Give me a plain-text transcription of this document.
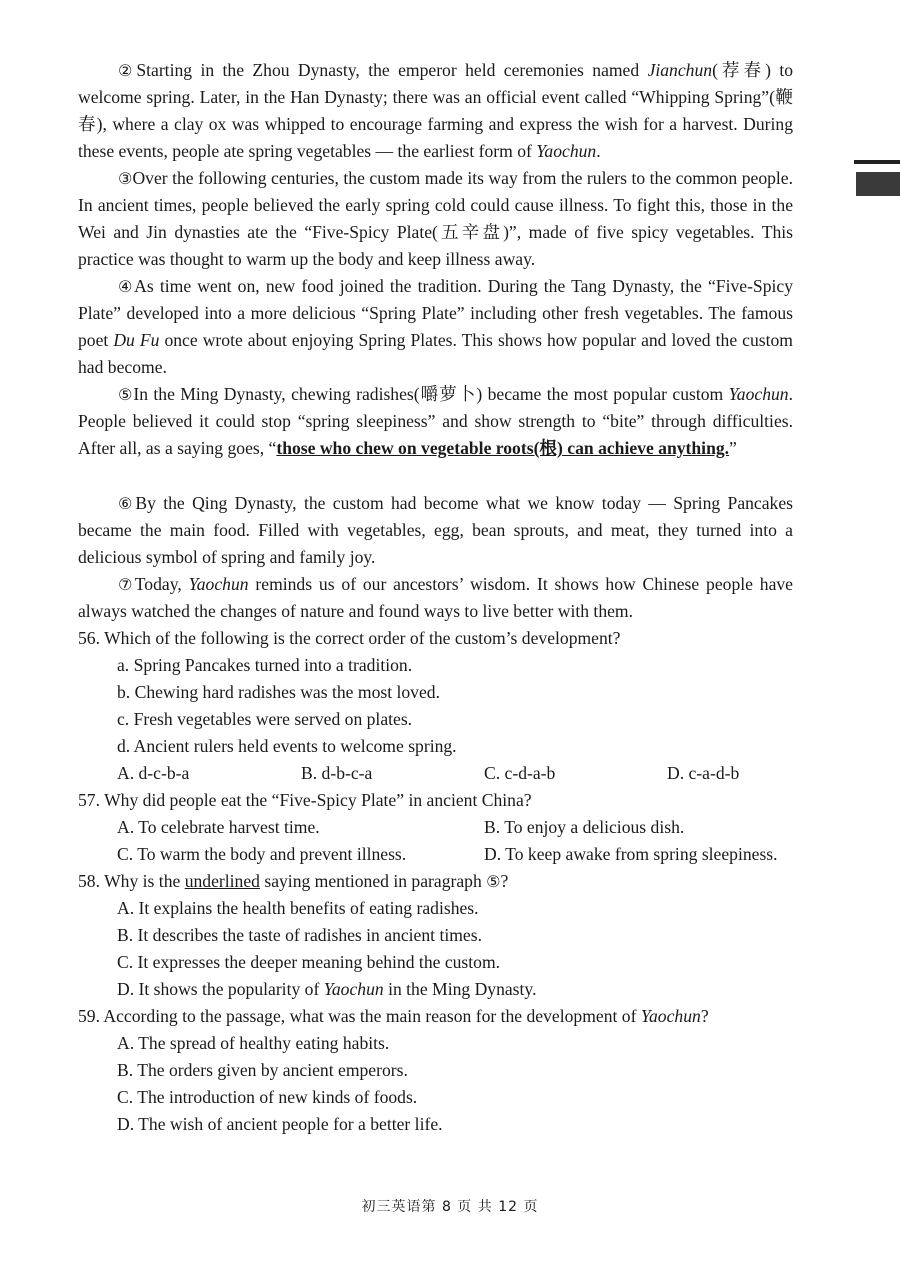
②Starting in the Zhou Dynasty, the emperor held ceremonies named Jianchun(荐春) to welcome spring. Later, in the Han Dynasty; there was an official event called “Whipping Spring”(鞭春), where a clay ox was whipped to encourage farming and express the wish for a harvest. During these events, people ate spring vegetables — the earliest form of Yaochun.

③Over the following centuries, the custom made its way from the rulers to the common people. In ancient times, people believed the early spring cold could cause illness. To fight this, those in the Wei and Jin dynasties ate the “Five-Spicy Plate(五辛盘)”, made of five spicy vegetables. This practice was thought to warm up the body and keep illness away.

④As time went on, new food joined the tradition. During the Tang Dynasty, the “Five-Spicy Plate” developed into a more delicious “Spring Plate” including other fresh vegetables. The famous poet Du Fu once wrote about enjoying Spring Plates. This shows how popular and loved the custom had become.

⑤In the Ming Dynasty, chewing radishes(嚼萝卜) became the most popular custom Yaochun. People believed it could stop “spring sleepiness” and show strength to “bite” through difficulties. After all, as a saying goes, “those who chew on vegetable roots(根) can achieve anything.”

⑥By the Qing Dynasty, the custom had become what we know today — Spring Pancakes became the main food. Filled with vegetables, egg, bean sprouts, and meat, they turned into a delicious symbol of spring and family joy.

⑦Today, Yaochun reminds us of our ancestors’ wisdom. It shows how Chinese people have always watched the changes of nature and found ways to live better with them.

56. Which of the following is the correct order of the custom’s development?

a. Spring Pancakes turned into a tradition.

b. Chewing hard radishes was the most loved.

c. Fresh vegetables were served on plates.

d. Ancient rulers held events to welcome spring.

A. d-c-b-a	B. d-b-c-a	C. c-d-a-b	D. c-a-d-b

57. Why did people eat the “Five-Spicy Plate” in ancient China?

A. To celebrate harvest time.	B. To enjoy a delicious dish.

C. To warm the body and prevent illness.	D. To keep awake from spring sleepiness.

58. Why is the underlined saying mentioned in paragraph ⑤?

A. It explains the health benefits of eating radishes.

B. It describes the taste of radishes in ancient times.

C. It expresses the deeper meaning behind the custom.

D. It shows the popularity of Yaochun in the Ming Dynasty.

59. According to the passage, what was the main reason for the development of Yaochun?

A. The spread of healthy eating habits.

B. The orders given by ancient emperors.

C. The introduction of new kinds of foods.

D. The wish of ancient people for a better life.

初三英语第 8 页 共 12 页
